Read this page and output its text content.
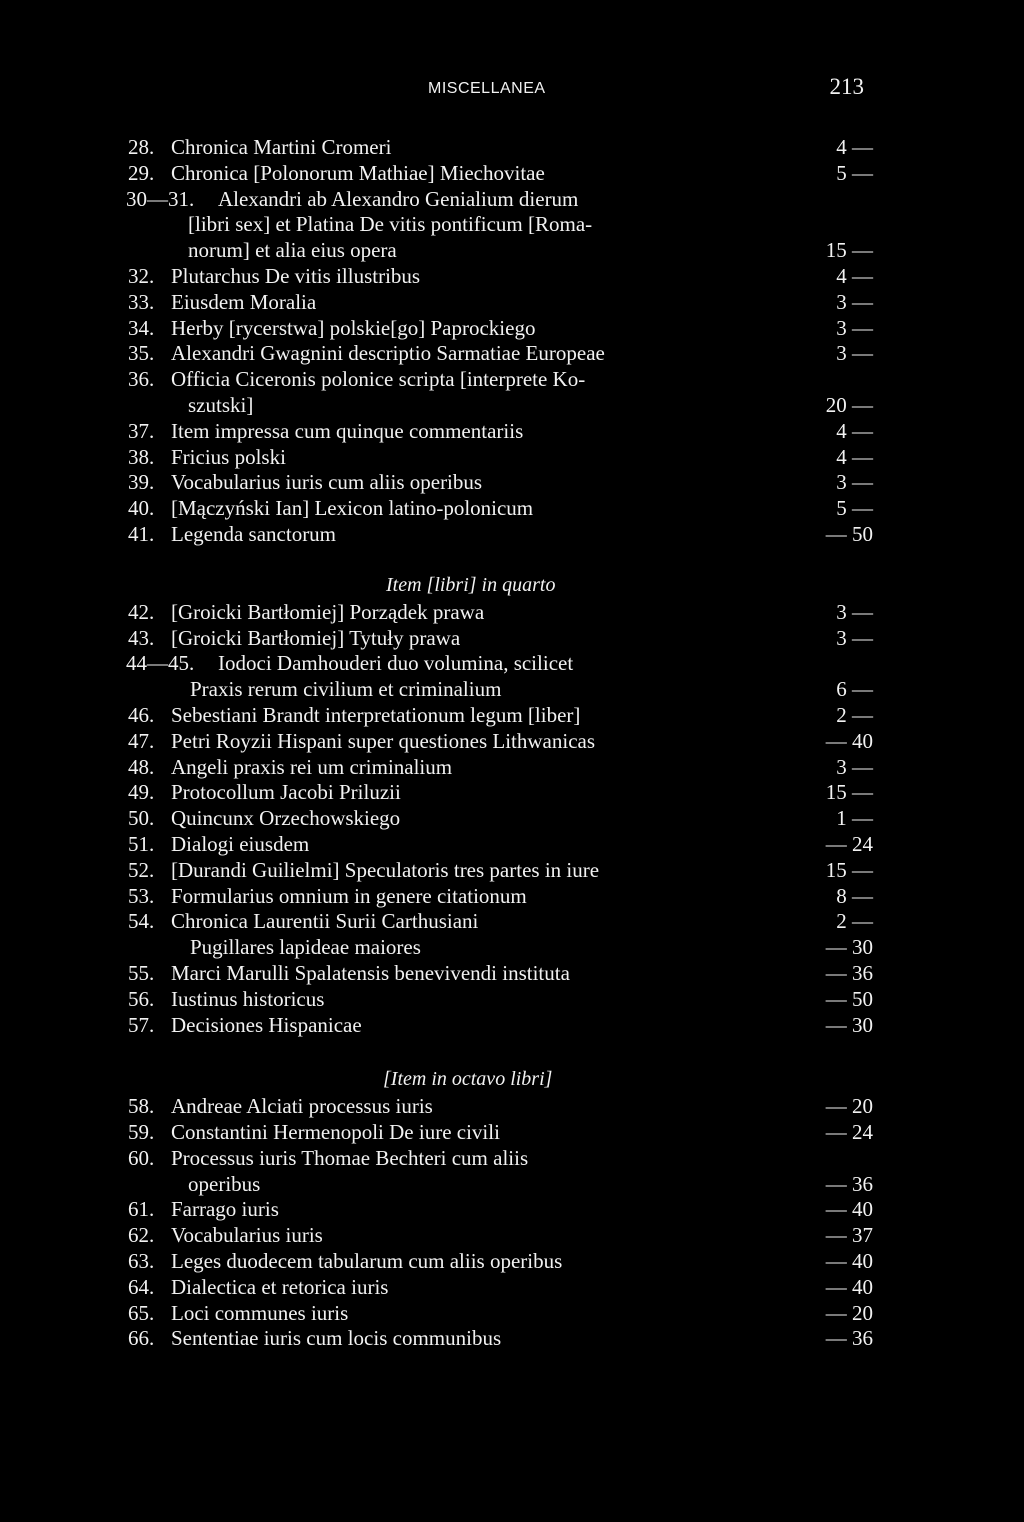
MISCELLANEA	213
28. Chronica Martini Cromeri	4 —
29. Chronica [Polonorum Mathiae] Miechovitae	5 —
30—31. Alexandri ab Alexandro Genialium dierum
[libri sex] et Platina De vitis pontificum [Roma-
norum] et alia eius opera	15 —
32. Plutarchus De vitis illustribus	4 —
33. Eiusdem Moralia	3 —
34. Herby [rycerstwa] polskie[go] Paprockiego	3 —
35. Alexandri Gwagnini descriptio Sarmatiae Europeae	3 —
36. Officia Ciceronis polonice scripta [interprete Ko-
szutski]	20 —
37. Item impressa cum quinque commentariis	4 —
38. Fricius polski	4 —
39. Vocabularius iuris cum aliis operibus	3 —
40. [Mączyński Ian] Lexicon latino-polonicum	5 —
41. Legenda sanctorum	— 50
Item [libri] in quarto
42. [Groicki Bartłomiej] Porządek prawa	3 —
43. [Groicki Bartłomiej] Tytuły prawa	3 —
44—45. Iodoci Damhouderi duo volumina, scilicet
Praxis rerum civilium et criminalium	6 —
46. Sebestiani Brandt interpretationum legum [liber]	2 —
47. Petri Royzii Hispani super questiones Lithwanicas	— 40
48. Angeli praxis rei um criminalium	3 —
49. Protocollum Jacobi Priluzii	15 —
50. Quincunx Orzechowskiego	1 —
51. Dialogi eiusdem	— 24
52. [Durandi Guilielmi] Speculatoris tres partes in iure	15 —
53. Formularius omnium in genere citationum	8 —
54. Chronica Laurentii Surii Carthusiani	2 —
Pugillares lapideae maiores	— 30
55. Marci Marulli Spalatensis benevivendi instituta	— 36
56. Iustinus historicus	— 50
57. Decisiones Hispanicae	— 30
[Item in octavo libri]
58. Andreae Alciati processus iuris	— 20
59. Constantini Hermenopoli De iure civili	— 24
60. Processus iuris Thomae Bechteri cum aliis
operibus	— 36
61. Farrago iuris	— 40
62. Vocabularius iuris	— 37
63. Leges duodecem tabularum cum aliis operibus	— 40
64. Dialectica et retorica iuris	— 40
65. Loci communes iuris	— 20
66. Sententiae iuris cum locis communibus	— 36
